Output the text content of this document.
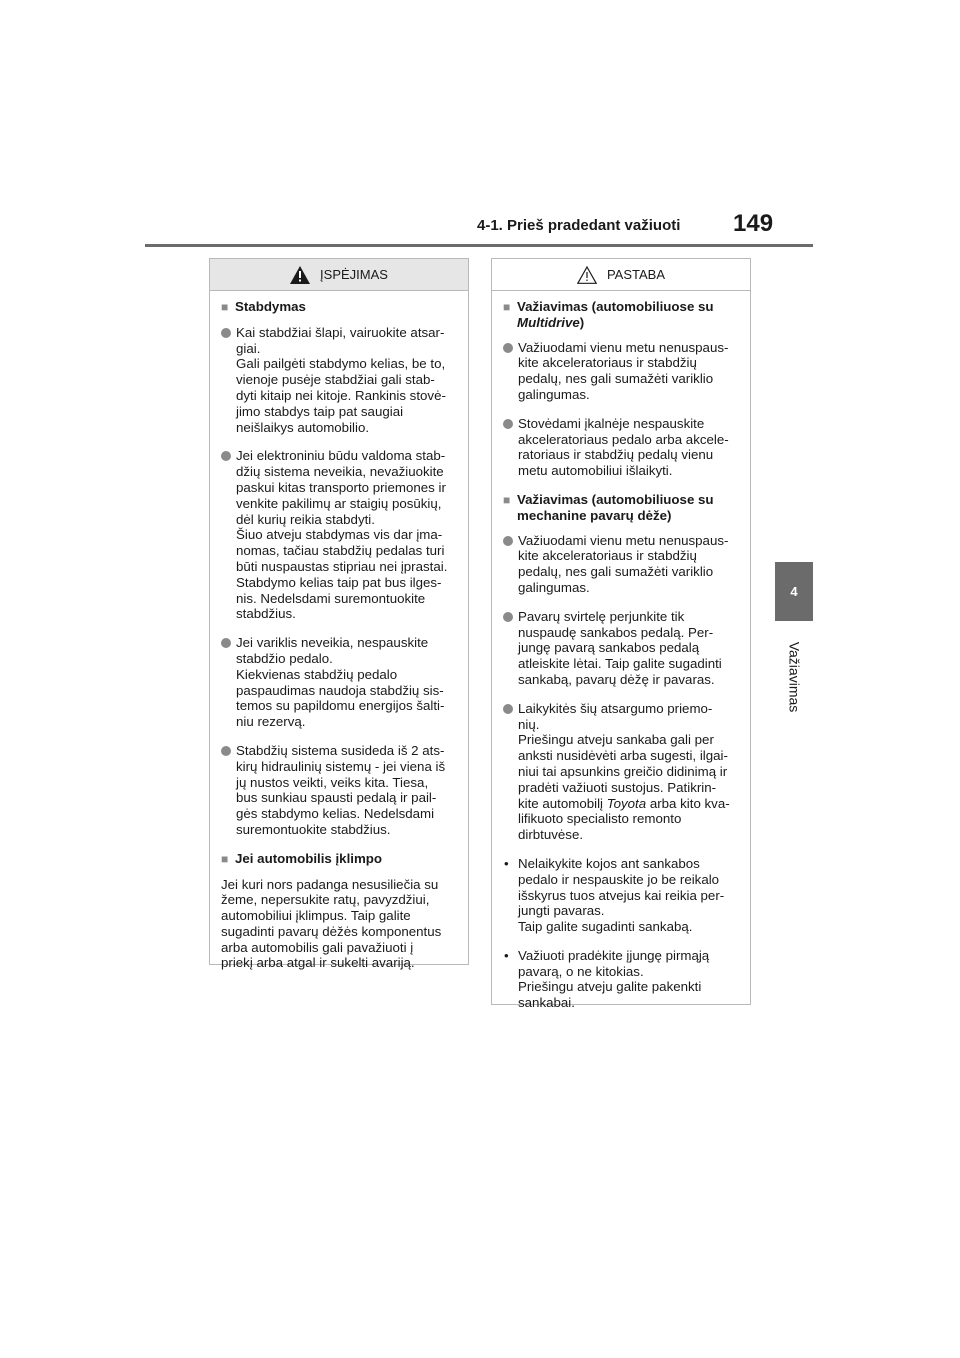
4-1. Prieš pradedant važiuoti 149
4
Važiavimas
ĮSPĖJIMAS
■ Stabdymas
Kai stabdžiai šlapi, vairuokite atsar-
giai.
Gali pailgėti stabdymo kelias, be to,
vienoje pusėje stabdžiai gali stab-
dyti kitaip nei kitoje. Rankinis stovė-
jimo stabdys taip pat saugiai
neišlaikys automobilio.
Jei elektroniniu būdu valdoma stab-
džių sistema neveikia, nevažiuokite
paskui kitas transporto priemones ir
venkite pakilimų ar staigių posūkių,
dėl kurių reikia stabdyti.
Šiuo atveju stabdymas vis dar įma-
nomas, tačiau stabdžių pedalas turi
būti nuspaustas stipriau nei įprastai.
Stabdymo kelias taip pat bus ilges-
nis. Nedelsdami suremontuokite
stabdžius.
Jei variklis neveikia, nespauskite
stabdžio pedalo.
Kiekvienas stabdžių pedalo
paspaudimas naudoja stabdžių sis-
temos su papildomu energijos šalti-
niu rezervą.
Stabdžių sistema susideda iš 2 ats-
kirų hidraulinių sistemų - jei viena iš
jų nustos veikti, veiks kita. Tiesa,
bus sunkiau spausti pedalą ir pail-
gės stabdymo kelias. Nedelsdami
suremontuokite stabdžius.
■ Jei automobilis įklimpo
Jei kuri nors padanga nesusiliečia su
žeme, nepersukite ratų, pavyzdžiui,
automobiliui įklimpus. Taip galite
sugadinti pavarų dėžės komponentus
arba automobilis gali pavažiuoti į
priekį arba atgal ir sukelti avariją.
PASTABA
■ Važiavimas (automobiliuose su
Multidrive)
Važiuodami vienu metu nenuspaus-
kite akceleratoriaus ir stabdžių
pedalų, nes gali sumažėti variklio
galingumas.
Stovėdami įkalnėje nespauskite
akceleratoriaus pedalo arba akcele-
ratoriaus ir stabdžių pedalų vienu
metu automobiliui išlaikyti.
■ Važiavimas (automobiliuose su
mechanine pavarų dėže)
Važiuodami vienu metu nenuspaus-
kite akceleratoriaus ir stabdžių
pedalų, nes gali sumažėti variklio
galingumas.
Pavarų svirtelę perjunkite tik
nuspaudę sankabos pedalą. Per-
jungę pavarą sankabos pedalą
atleiskite lėtai. Taip galite sugadinti
sankabą, pavarų dėžę ir pavaras.
Laikykitės šių atsargumo priemo-
nių.
Priešingu atveju sankaba gali per
anksti nusidėvėti arba sugesti, ilgai-
niui tai apsunkins greičio didinimą ir
pradėti važiuoti sustojus. Patikrin-
kite automobilį Toyota arba kito kva-
lifikuoto specialisto remonto
dirbtuvėse.
• Nelaikykite kojos ant sankabos
pedalo ir nespauskite jo be reikalo
išskyrus tuos atvejus kai reikia per-
jungti pavaras.
Taip galite sugadinti sankabą.
• Važiuoti pradėkite įjungę pirmąją
pavarą, o ne kitokias.
Priešingu atveju galite pakenkti
sankabai.
